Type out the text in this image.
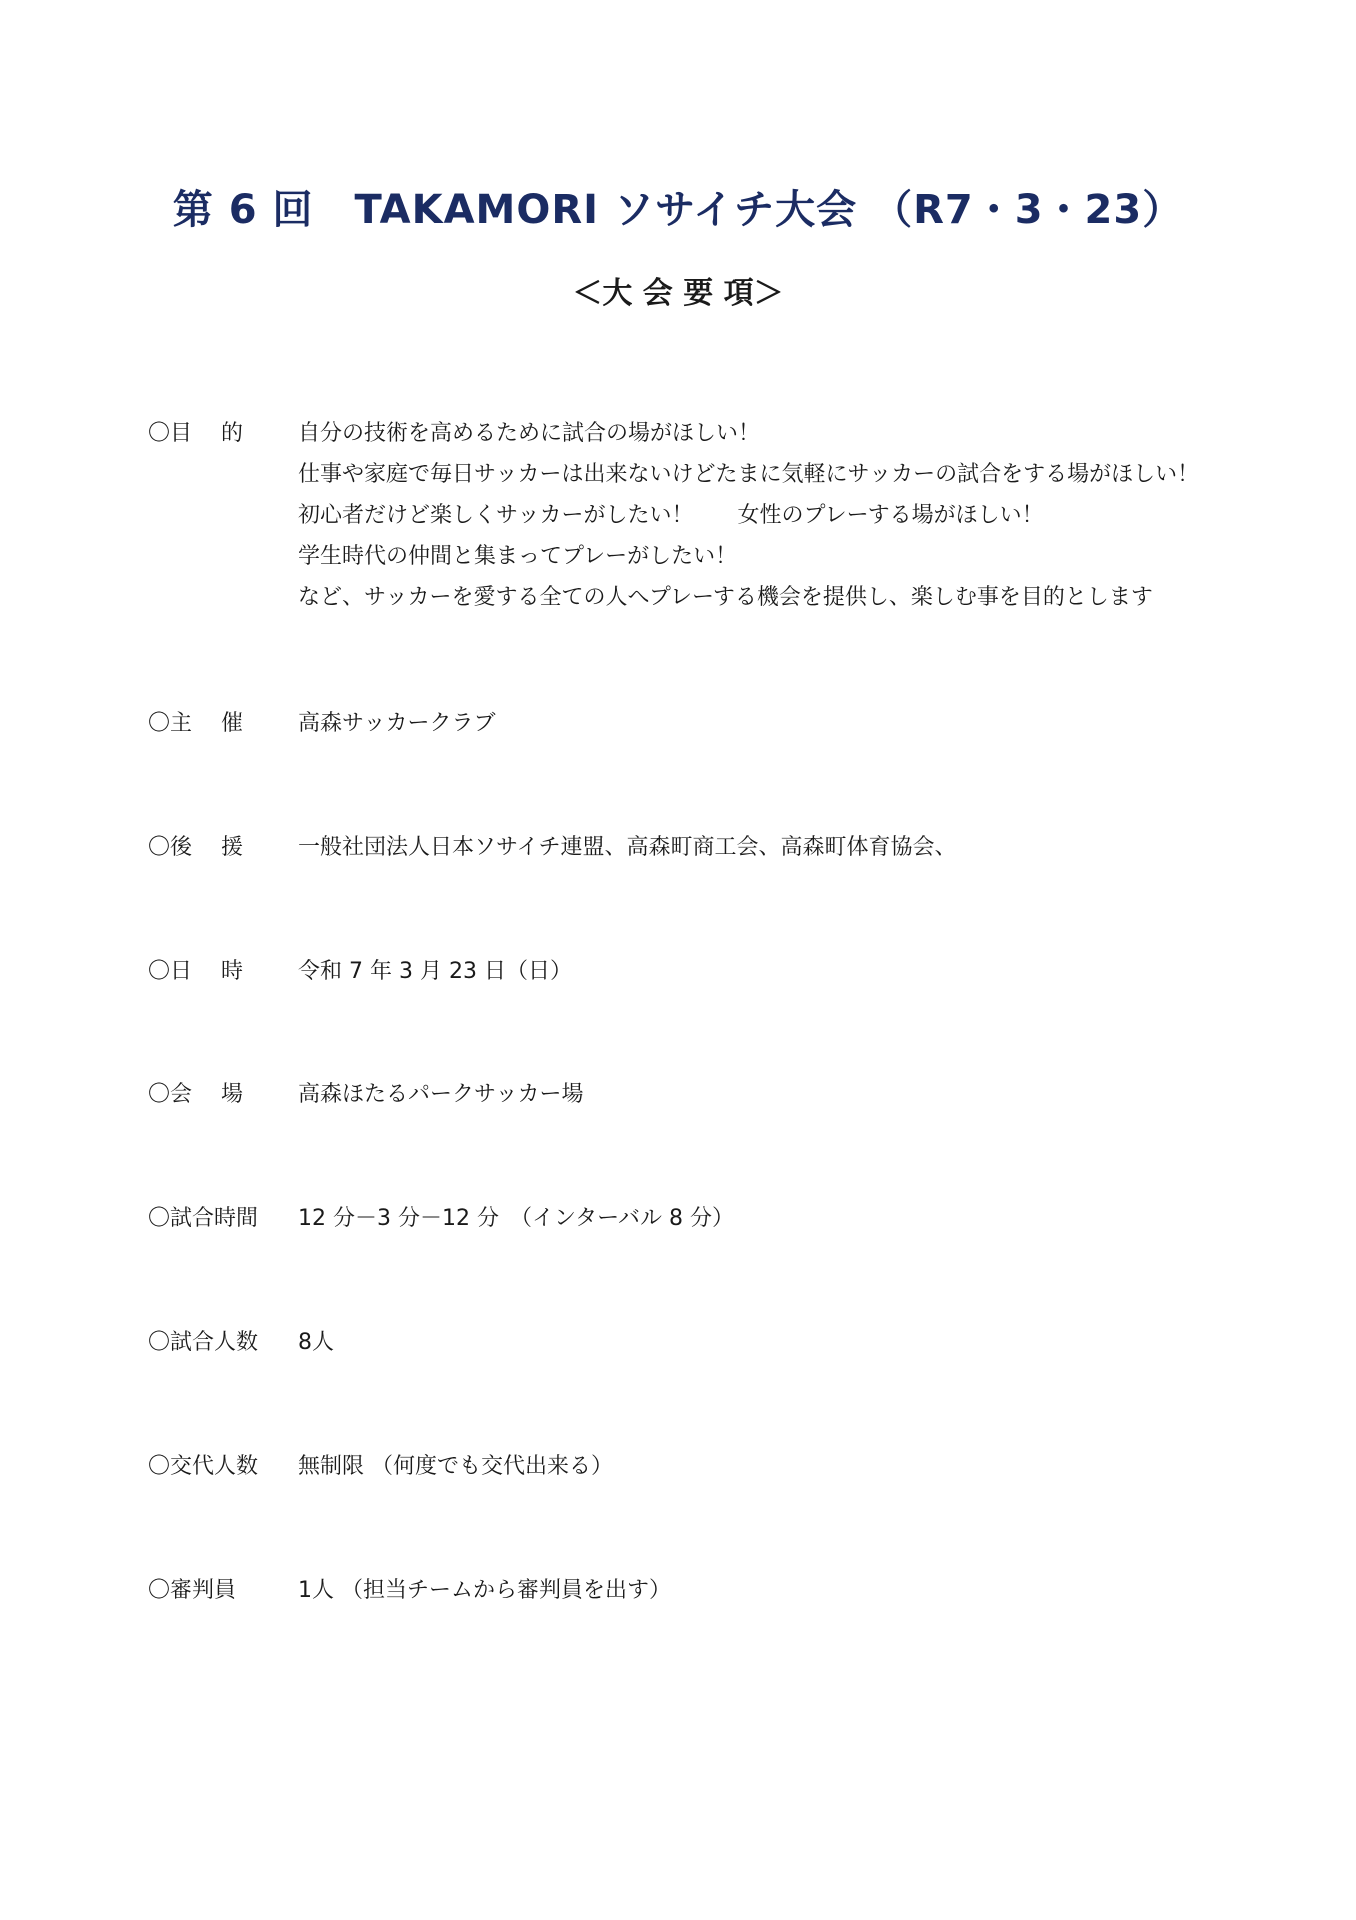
第 6 回　TAKAMORI ソサイチ大会 （R7・3・23）
＜大 会 要 項＞
〇目　 的	自分の技術を高めるために試合の場がほしい！
仕事や家庭で毎日サッカーは出来ないけどたまに気軽にサッカーの試合をする場がほしい！
初心者だけど楽しくサッカーがしたい！　　女性のプレーする場がほしい！
学生時代の仲間と集まってプレーがしたい！
など、サッカーを愛する全ての人へプレーする機会を提供し、楽しむ事を目的とします
〇主　 催	高森サッカークラブ
〇後　 援	一般社団法人日本ソサイチ連盟、高森町商工会、高森町体育協会、
〇日　 時	令和 7 年 3 月 23 日（日）
〇会　 場	高森ほたるパークサッカー場
〇試合時間	12 分－3 分－12 分　（インターバル 8 分）
〇試合人数	8人
〇交代人数	無制限 （何度でも交代出来る）
〇審判員	1人 （担当チームから審判員を出す）
